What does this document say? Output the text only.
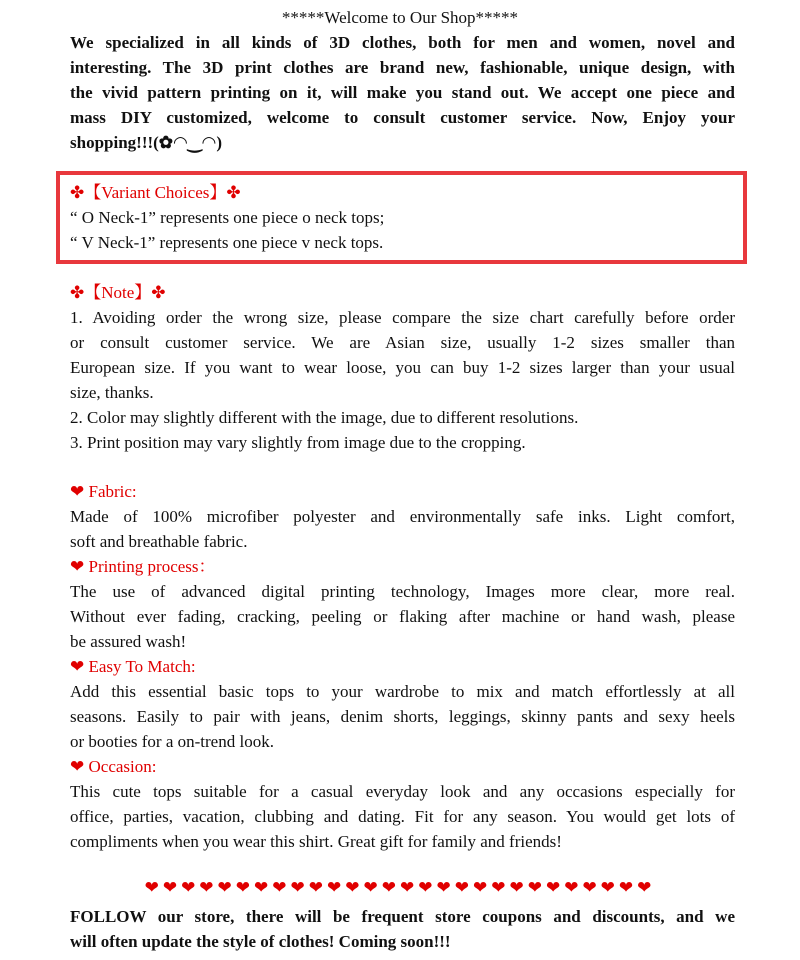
*****Welcome to Our Shop*****
We specialized in all kinds of 3D clothes, both for men and women, novel and
interesting. The 3D print clothes are brand new, fashionable, unique design, with
the vivid pattern printing on it, will make you stand out. We accept one piece and
mass DIY customized, welcome to consult customer service. Now, Enjoy your
shopping!!!(✿◠‿◠)
✤【Variant Choices】✤
“ O Neck-1” represents one piece o neck tops;
“ V Neck-1” represents one piece v neck tops.
✤【Note】✤
1. Avoiding order the wrong size, please compare the size chart carefully before order
or consult customer service. We are Asian size, usually 1-2 sizes smaller than
European size. If you want to wear loose, you can buy 1-2 sizes larger than your usual
size, thanks.
2. Color may slightly different with the image, due to different resolutions.
3. Print position may vary slightly from image due to the cropping.
❤ Fabric:
Made of 100% microfiber polyester and environmentally safe inks. Light comfort,
soft and breathable fabric.
❤ Printing process：
The use of advanced digital printing technology, Images more clear, more real.
Without ever fading, cracking, peeling or flaking after machine or hand wash, please
be assured wash!
❤ Easy To Match:
Add this essential basic tops to your wardrobe to mix and match effortlessly at all
seasons. Easily to pair with jeans, denim shorts, leggings, skinny pants and sexy heels
or booties for a on-trend look.
❤ Occasion:
This cute tops suitable for a casual everyday look and any occasions especially for
office, parties, vacation, clubbing and dating. Fit for any season. You would get lots of
compliments when you wear this shirt. Great gift for family and friends!
❤❤❤❤❤❤❤❤❤❤❤❤❤❤❤❤❤❤❤❤❤❤❤❤❤❤❤❤
FOLLOW our store, there will be frequent store coupons and discounts, and we
will often update the style of clothes! Coming soon!!!
